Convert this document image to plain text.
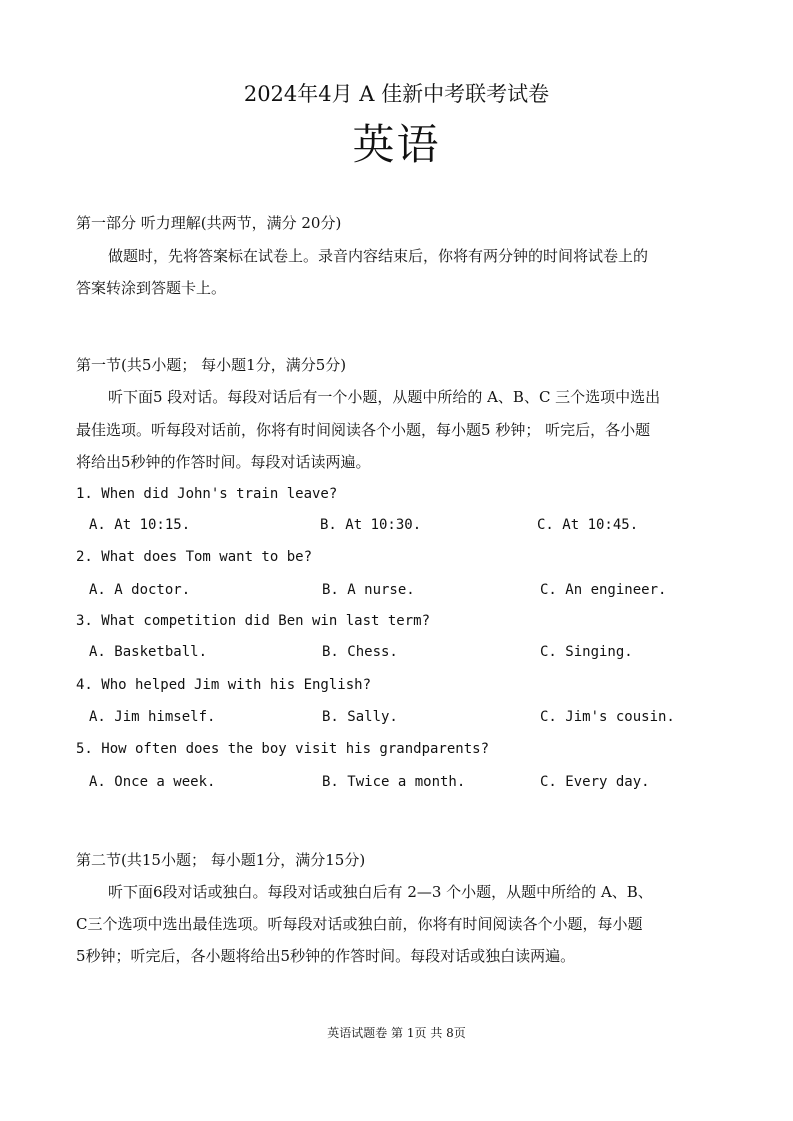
2024年4月 A 佳新中考联考试卷
英语
第一部分 听力理解(共两节，满分 20分)
做题时，先将答案标在试卷上。录音内容结束后，你将有两分钟的时间将试卷上的
答案转涂到答题卡上。
第一节(共5小题； 每小题1分，满分5分)
听下面5 段对话。每段对话后有一个小题，从题中所给的 A、B、C 三个选项中选出
最佳选项。听每段对话前，你将有时间阅读各个小题，每小题5 秒钟； 听完后，各小题
将给出5秒钟的作答时间。每段对话读两遍。
1. When did John's train leave?
A. At 10:15.	B. At 10:30.	C. At 10:45.
2. What does Tom want to be?
A. A doctor.	B. A nurse.	C. An engineer.
3. What competition did Ben win last term?
A. Basketball.	B. Chess.	C. Singing.
4. Who helped Jim with his English?
A. Jim himself.	B. Sally.	C. Jim's cousin.
5. How often does the boy visit his grandparents?
A. Once a week.	B. Twice a month.	C. Every day.
第二节(共15小题； 每小题1分，满分15分)
听下面6段对话或独白。每段对话或独白后有 2—3 个小题，从题中所给的 A、B、
C三个选项中选出最佳选项。听每段对话或独白前，你将有时间阅读各个小题，每小题
5秒钟；听完后，各小题将给出5秒钟的作答时间。每段对话或独白读两遍。
英语试题卷 第 1页 共 8页
